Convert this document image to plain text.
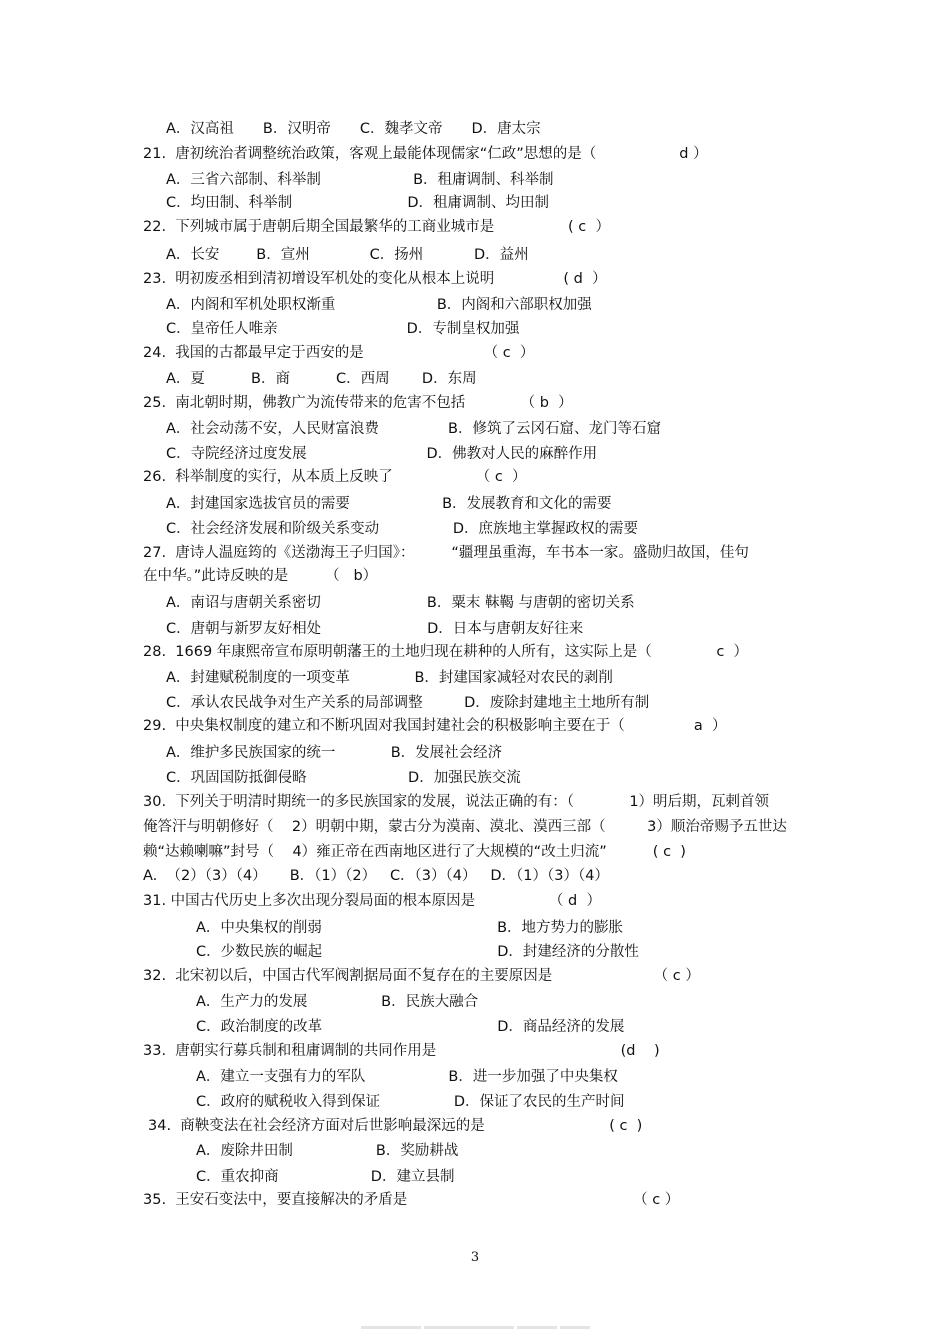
A．汉高祖　　B．汉明帝　　C．魏孝文帝　　D．唐太宗
21.  唐初统治者调整统治政策，客观上最能体现儒家“仁政”思想的是（                  d ）
A．三省六部制、科举制                    B．租庸调制、科举制
C．均田制、科举制                         D．租庸调制、均田制
22.  下列城市属于唐朝后期全国最繁华的工商业城市是                ( c  ）
A．长安        B．宣州             C．扬州           D．益州
23.  明初废丞相到清初增设军机处的变化从根本上说明               ( d  ）
A．内阁和军机处职权渐重                      B．内阁和六部职权加强
C．皇帝任人唯亲                            D．专制皇权加强
24.  我国的古都最早定于西安的是                          （ c  ）
A．夏          B．商          C．西周       D．东周
25.  南北朝时期，佛教广为流传带来的危害不包括            （ b  ）
A．社会动荡不安，人民财富浪费               B．修筑了云冈石窟、龙门等石窟
C．寺院经济过度发展                          D．佛教对人民的麻醉作用
26.  科举制度的实行，从本质上反映了                  （ c  ）
A．封建国家选拔官员的需要                    B．发展教育和文化的需要
C．社会经济发展和阶级关系变动                D．庶族地主掌握政权的需要
27.  唐诗人温庭筠的《送渤海王子归国》：        “疆理虽重海，车书本一家。盛勋归故国，佳句
在中华。”此诗反映的是        （   b）
A．南诏与唐朝关系密切                       B．粟末 靺鞨 与唐朝的密切关系
C．唐朝与新罗友好相处                       D．日本与唐朝友好往来
28.  1669 年康熙帝宣布原明朝藩王的土地归现在耕种的人所有，这实际上是（              c  ）
A．封建赋税制度的一项变革              B．封建国家减轻对农民的剥削
C．承认农民战争对生产关系的局部调整         D．废除封建地主土地所有制
29.  中央集权制度的建立和不断巩固对我国封建社会的积极影响主要在于（               a  ）
A．维护多民族国家的统一            B．发展社会经济
C．巩固国防抵御侵略                      D．加强民族交流
30.  下列关于明清时期统一的多民族国家的发展，说法正确的有：（            1）明后期，瓦剌首领
俺答汗与明朝修好（    2）明朝中期，蒙古分为漠南、漠北、漠西三部（         3）顺治帝赐予五世达
赖“达赖喇嘛”封号（    4）雍正帝在西南地区进行了大规模的“改土归流”          ( c  )
A.  （2）（3）（4）     B．（1）（2）   C．（3）（4）   D．（1）（3）（4）
31. 中国古代历史上多次出现分裂局面的根本原因是                （ d  ）
A．中央集权的削弱                                      B．地方势力的膨胀
C．少数民族的崛起                                      D．封建经济的分散性
32.  北宋初以后，中国古代军阀割据局面不复存在的主要原因是                      （ c ）
A．生产力的发展                B．民族大融合
C．政治制度的改革                                      D．商品经济的发展
33.  唐朝实行募兵制和租庸调制的共同作用是                                        (d    )
A．建立一支强有力的军队                  B．进一步加强了中央集权
C．政府的赋税收入得到保证                D．保证了农民的生产时间
34.  商鞅变法在社会经济方面对后世影响最深远的是                           ( c  )
A．废除井田制                  B．奖励耕战
C．重农抑商                    D．建立县制
35.  王安石变法中，要直接解决的矛盾是                                                 （ c ）
3
